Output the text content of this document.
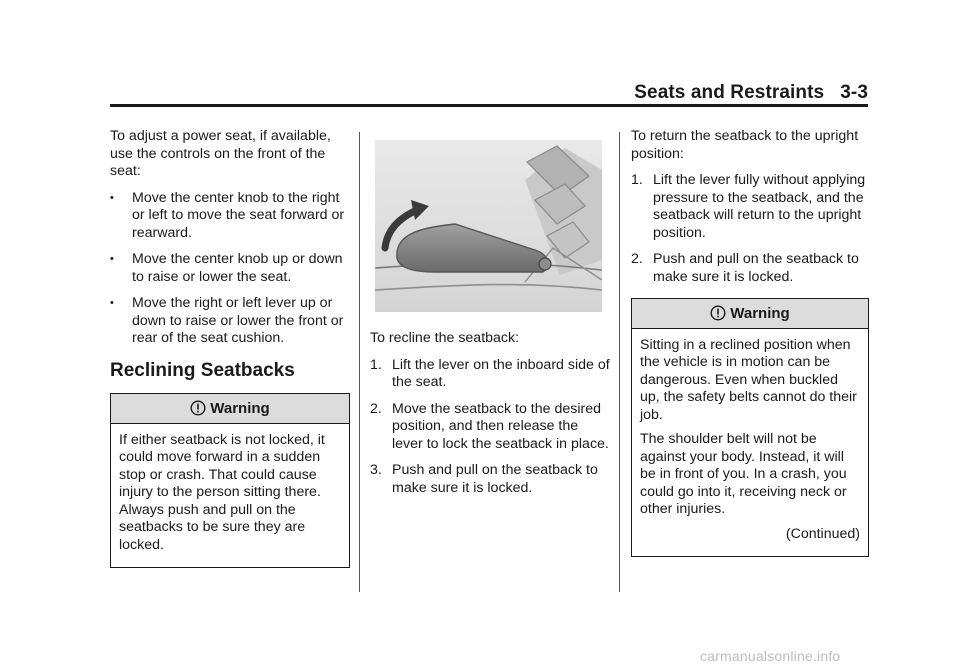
Seats and Restraints 3-3

To adjust a power seat, if available, use the controls on the front of the seat:

• Move the center knob to the right or left to move the seat forward or rearward.
• Move the center knob up or down to raise or lower the seat.
• Move the right or left lever up or down to raise or lower the front or rear of the seat cushion.
Reclining Seatbacks
Warning

If either seatback is not locked, it could move forward in a sudden stop or crash. That could cause injury to the person sitting there. Always push and pull on the seatbacks to be sure they are locked.

To recline the seatback:

1. Lift the lever on the inboard side of the seat.
2. Move the seatback to the desired position, and then release the lever to lock the seatback in place.
3. Push and pull on the seatback to make sure it is locked.

To return the seatback to the upright position:

1. Lift the lever fully without applying pressure to the seatback, and the seatback will return to the upright position.
2. Push and pull on the seatback to make sure it is locked.
Warning

Sitting in a reclined position when the vehicle is in motion can be dangerous. Even when buckled up, the safety belts cannot do their job.

The shoulder belt will not be against your body. Instead, it will be in front of you. In a crash, you could go into it, receiving neck or other injuries.

(Continued)

carmanualsonline.info
